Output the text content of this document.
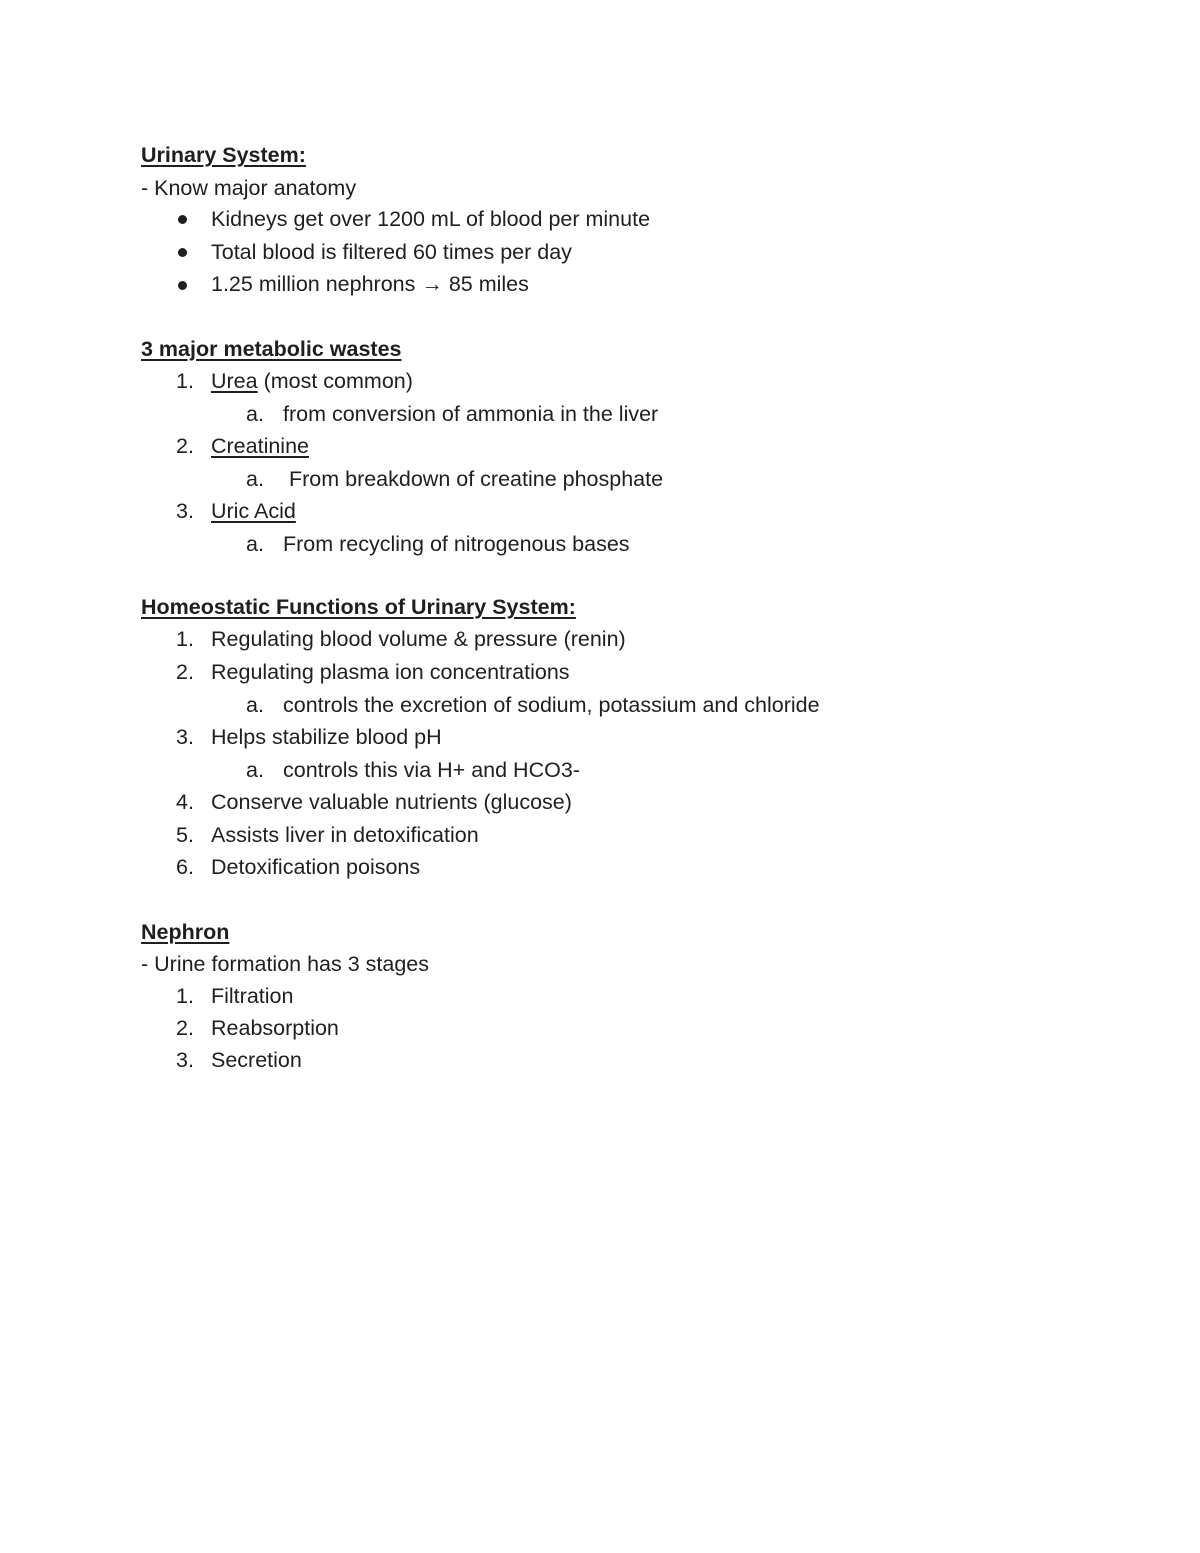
Urinary System:
- Know major anatomy
Kidneys get over 1200 mL of blood per minute
Total blood is filtered 60 times per day
1.25 million nephrons → 85 miles
3 major metabolic wastes
1. Urea (most common)
a. from conversion of ammonia in the liver
2. Creatinine
a. From breakdown of creatine phosphate
3. Uric Acid
a. From recycling of nitrogenous bases
Homeostatic Functions of Urinary System:
1. Regulating blood volume & pressure (renin)
2. Regulating plasma ion concentrations
a. controls the excretion of sodium, potassium and chloride
3. Helps stabilize blood pH
a. controls this via H+ and HCO3-
4. Conserve valuable nutrients (glucose)
5. Assists liver in detoxification
6. Detoxification poisons
Nephron
- Urine formation has 3 stages
1. Filtration
2. Reabsorption
3. Secretion
